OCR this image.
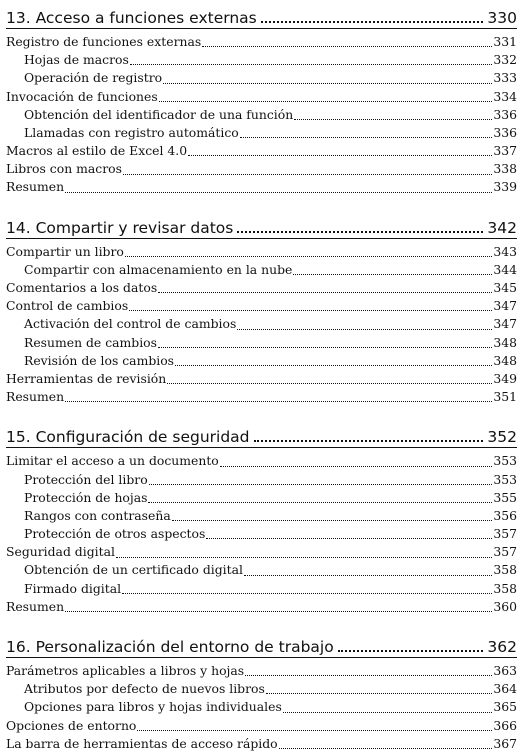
13. Acceso a funciones externas	330
Registro de funciones externas	331
Hojas de macros	332
Operación de registro	333
Invocación de funciones	334
Obtención del identificador de una función	336
Llamadas con registro automático	336
Macros al estilo de Excel 4.0	337
Libros con macros	338
Resumen	339
14. Compartir y revisar datos	342
Compartir un libro	343
Compartir con almacenamiento en la nube	344
Comentarios a los datos	345
Control de cambios	347
Activación del control de cambios	347
Resumen de cambios	348
Revisión de los cambios	348
Herramientas de revisión	349
Resumen	351
15. Configuración de seguridad	352
Limitar el acceso a un documento	353
Protección del libro	353
Protección de hojas	355
Rangos con contraseña	356
Protección de otros aspectos	357
Seguridad digital	357
Obtención de un certificado digital	358
Firmado digital	358
Resumen	360
16. Personalización del entorno de trabajo	362
Parámetros aplicables a libros y hojas	363
Atributos por defecto de nuevos libros	364
Opciones para libros y hojas individuales	365
Opciones de entorno	366
La barra de herramientas de acceso rápido	367
